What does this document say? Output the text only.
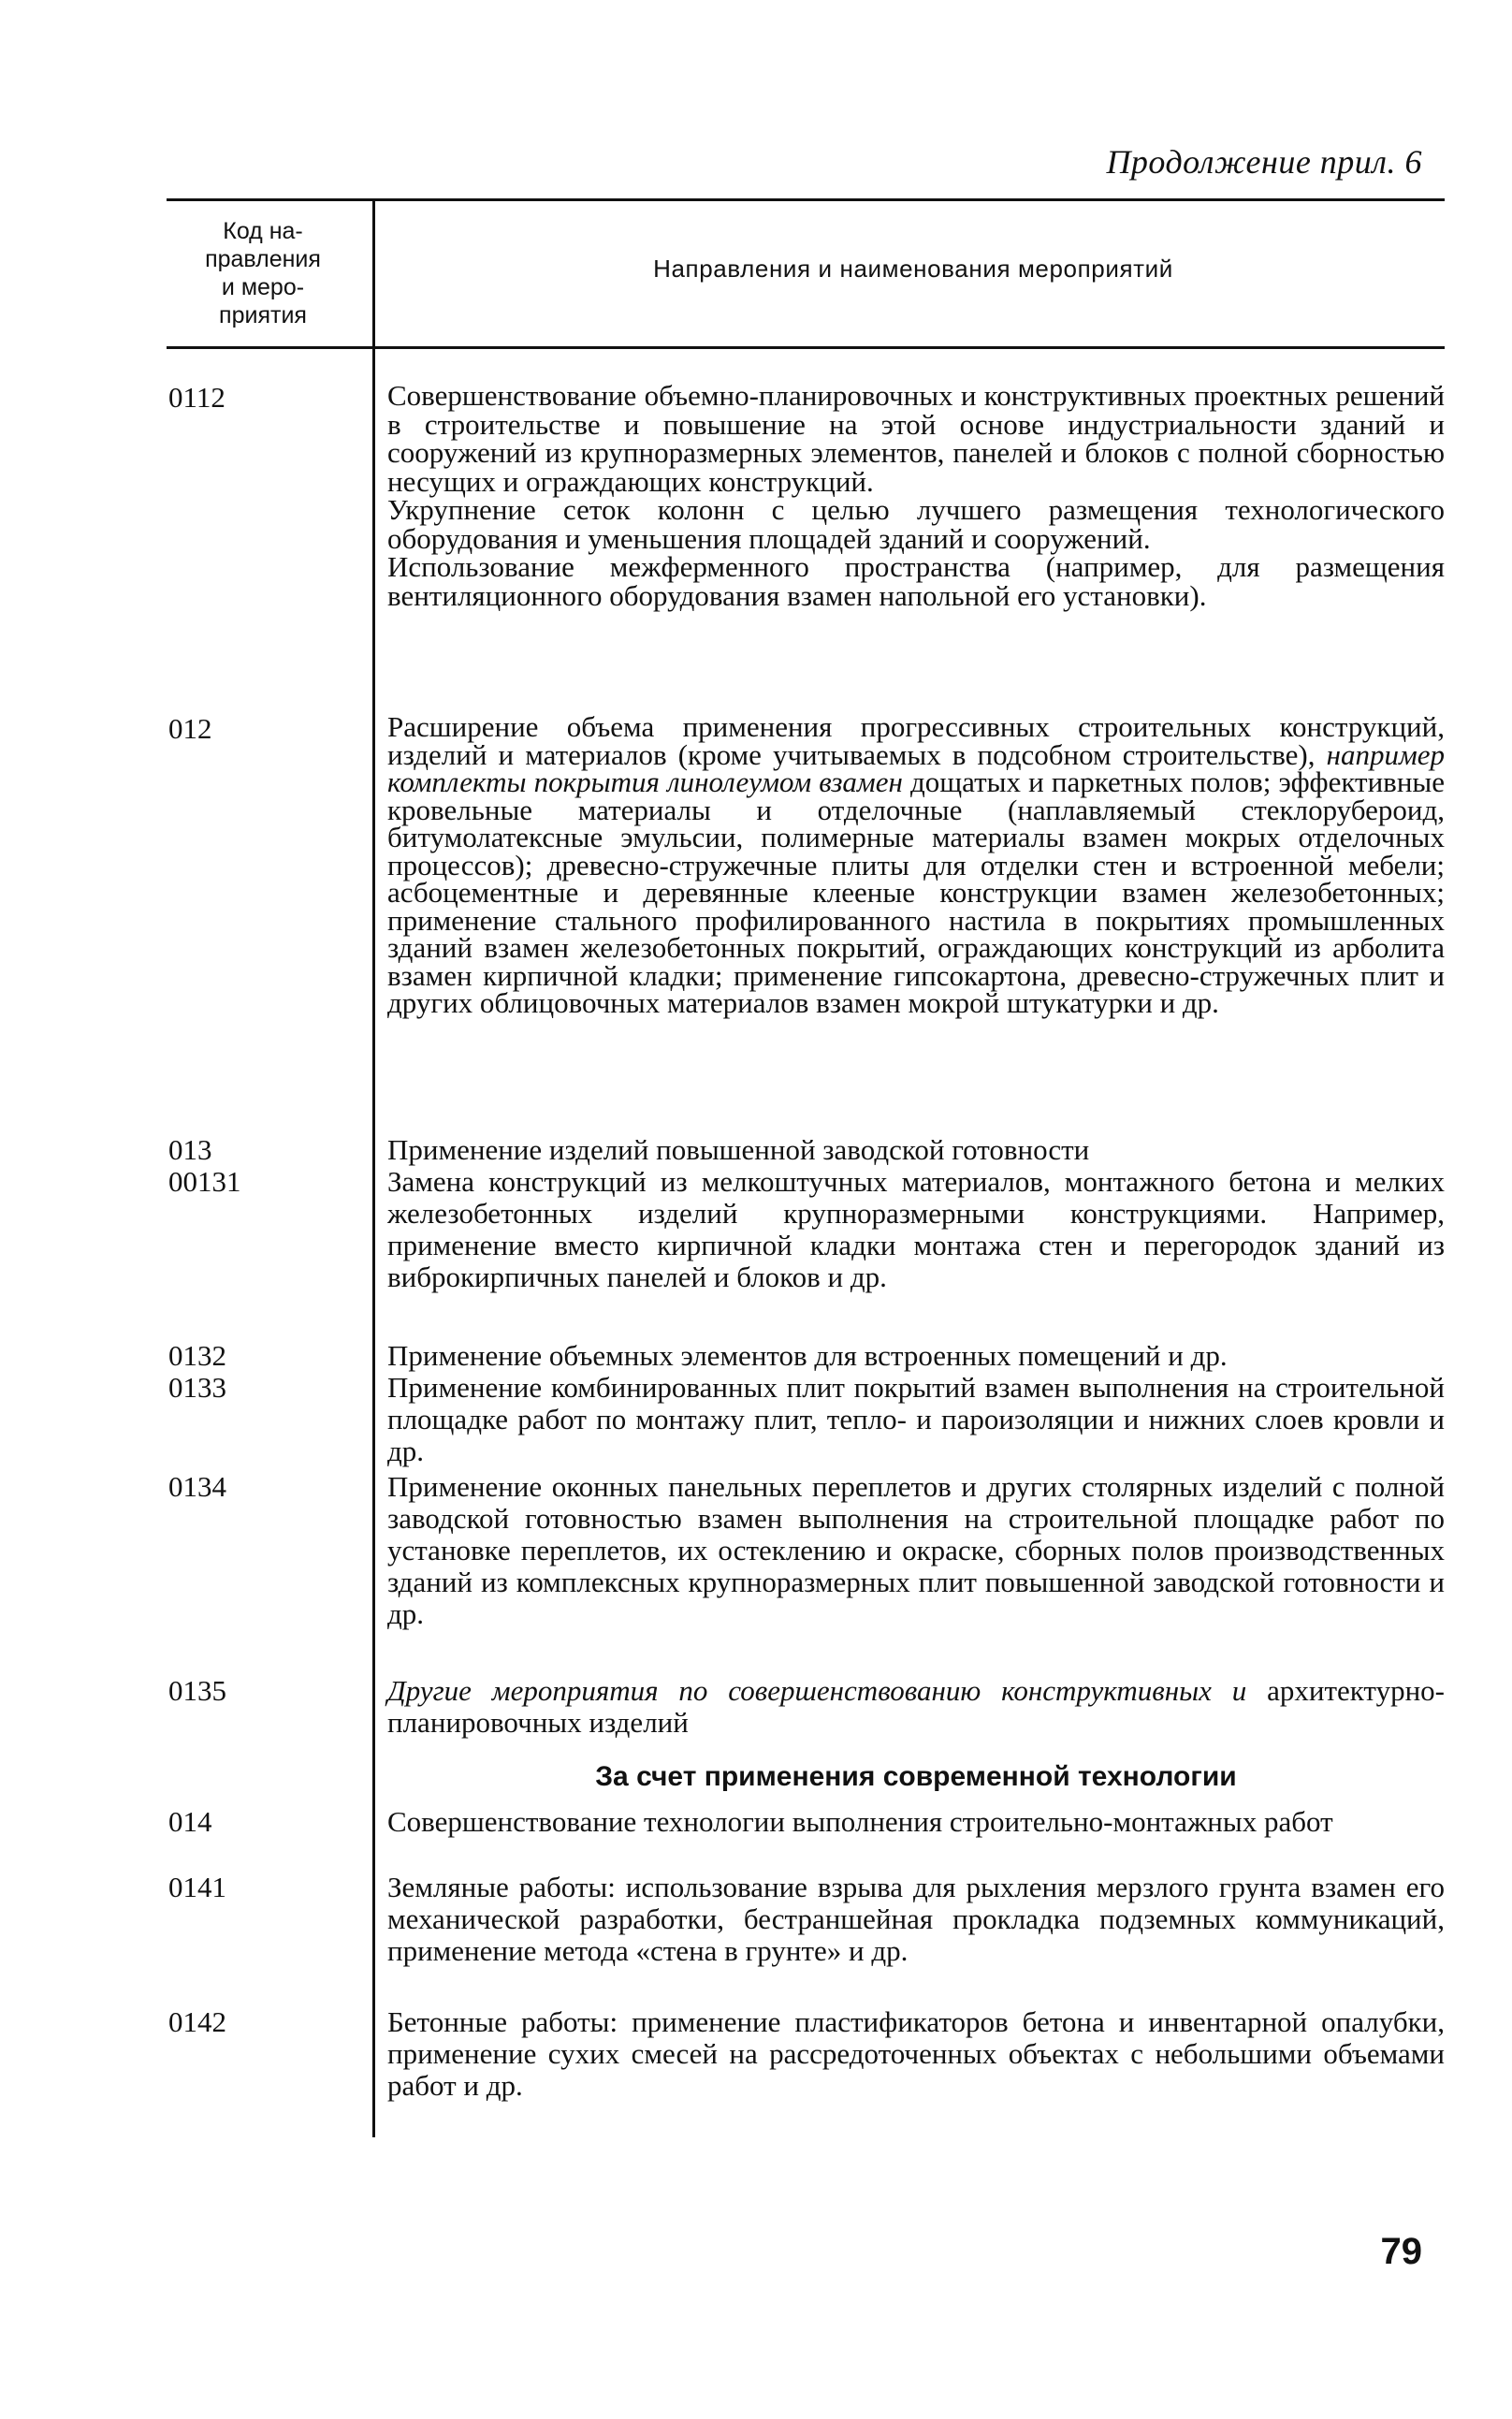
Продолжение прил. 6
Код на-
правления
и меро-
приятия
Направления и наименования мероприятий
0112	Совершенствование объемно-планировочных и конструктивных проектных решений в строительстве и повышение на этой основе индустриальности зданий и сооружений из крупноразмерных элементов, панелей и блоков с полной сборностью несущих и ограждающих конструкций.
Укрупнение сеток колонн с целью лучшего размещения технологического оборудования и уменьшения площадей зданий и сооружений.
Использование межферменного пространства (например, для размещения вентиляционного оборудования взамен напольной его установки).
012	Расширение объема применения прогрессивных строительных конструкций, изделий и материалов (кроме учитываемых в подсобном строительстве), например комплекты покрытия линолеумом взамен дощатых и паркетных полов; эффективные кровельные материалы и отделочные (наплавляемый стеклорубероид, битумолатексные эмульсии, полимерные материалы взамен мокрых отделочных процессов); древесно-стружечные плиты для отделки стен и встроенной мебели; асбоцементные и деревянные клееные конструкции взамен железобетонных; применение стального профилированного настила в покрытиях промышленных зданий взамен железобетонных покрытий, ограждающих конструкций из арболита взамен кирпичной кладки; применение гипсокартона, древесно-стружечных плит и других облицовочных материалов взамен мокрой штукатурки и др.
013	Применение изделий повышенной заводской готовности
00131	Замена конструкций из мелкоштучных материалов, монтажного бетона и мелких железобетонных изделий крупноразмерными конструкциями. Например, применение вместо кирпичной кладки монтажа стен и перегородок зданий из виброкирпичных панелей и блоков и др.
0132	Применение объемных элементов для встроенных помещений и др.
0133	Применение комбинированных плит покрытий взамен выполнения на строительной площадке работ по монтажу плит, тепло- и пароизоляции и нижних слоев кровли и др.
0134	Применение оконных панельных переплетов и других столярных изделий с полной заводской готовностью взамен выполнения на строительной площадке работ по установке переплетов, их остеклению и окраске, сборных полов производственных зданий из комплексных крупноразмерных плит повышенной заводской готовности и др.
0135	Другие мероприятия по совершенствованию конструктивных и архитектурно-планировочных изделий
За счет применения современной технологии
014	Совершенствование технологии выполнения строительно-монтажных работ
0141	Земляные работы: использование взрыва для рыхления мерзлого грунта взамен его механической разработки, бестраншейная прокладка подземных коммуникаций, применение метода «стена в грунте» и др.
0142	Бетонные работы: применение пластификаторов бетона и инвентарной опалубки, применение сухих смесей на рассредоточенных объектах с небольшими объемами работ и др.
79
